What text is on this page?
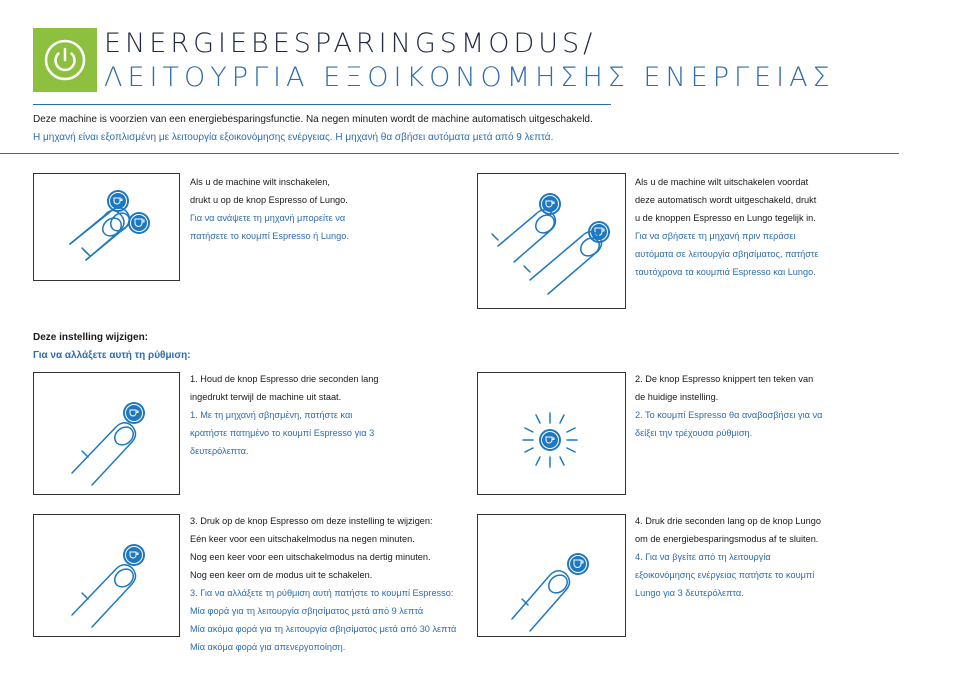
ENERGIEBESPARINGSMODUS/
ΛΕΙΤΟΥΡΓΙΑ ΕΞΟΙΚΟΝΟΜΗΣΗΣ ΕΝΕΡΓΕΙΑΣ
Deze machine is voorzien van een energiebesparingsfunctie. Na negen minuten wordt de machine automatisch uitgeschakeld.
Η μηχανή είναι εξοπλισμένη με λειτουργία εξοικονόμησης ενέργειας. Η μηχανή θα σβήσει αυτόματα μετά από 9 λεπτά.
Als u de machine wilt inschakelen,
drukt u op de knop Espresso of Lungo.
Για να ανάψετε τη μηχανή μπορείτε να
πατήσετε το κουμπί Espresso ή Lungo.
Als u de machine wilt uitschakelen voordat
deze automatisch wordt uitgeschakeld, drukt
u de knoppen Espresso en Lungo tegelijk in.
Για να σβήσετε τη μηχανή πριν περάσει
αυτόματα σε λειτουργία σβησίματος, πατήστε
ταυτόχρονα τα κουμπιά Espresso και Lungo.
Deze instelling wijzigen:
Για να αλλάξετε αυτή τη ρύθμιση:
1. Houd de knop Espresso drie seconden lang
ingedrukt terwijl de machine uit staat.
1. Με τη μηχανή σβησμένη, πατήστε και
κρατήστε πατημένο το κουμπί Espresso για 3
δευτερόλεπτα.
2. De knop Espresso knippert ten teken van
de huidige instelling.
2. Το κουμπί Espresso θα αναβοσβήσει για να
δείξει την τρέχουσα ρύθμιση.
3. Druk op de knop Espresso om deze instelling te wijzigen:
Eén keer voor een uitschakelmodus na negen minuten.
Nog een keer voor een uitschakelmodus na dertig minuten.
Nog een keer om de modus uit te schakelen.
3. Για να αλλάξετε τη ρύθμιση αυτή πατήστε το κουμπί Espresso:
Μία φορά για τη λειτουργία σβησίματος μετά από 9 λεπτά
Μία ακόμα φορά για τη λειτουργία σβησίματος μετά από 30 λεπτά
Μία ακόμα φορά για απενεργοποίηση.
4. Druk drie seconden lang op de knop Lungo
om de energiebesparingsmodus af te sluiten.
4. Για να βγείτε από τη λειτουργία
εξοικονόμησης ενέργειας πατήστε το κουμπί
Lungo για 3 δευτερόλεπτα.
